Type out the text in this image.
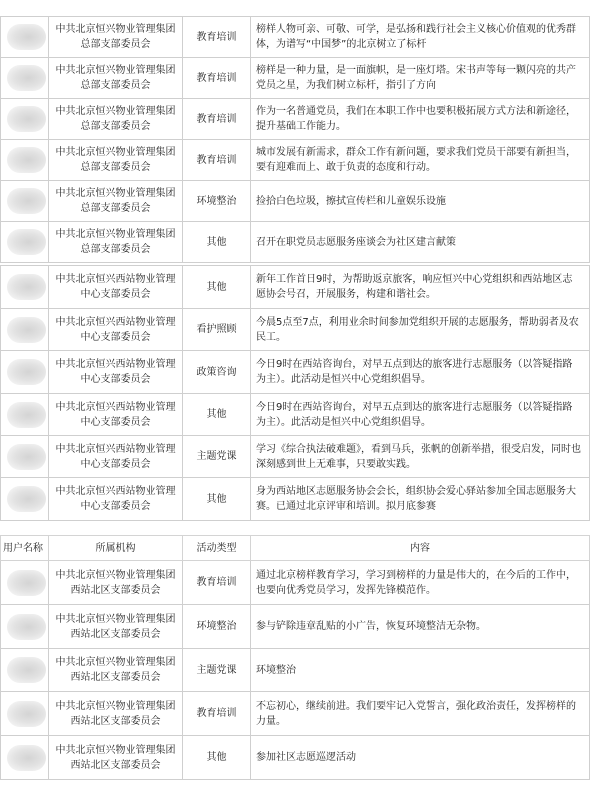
	中共北京恒兴物业管理集团
总部支部委员会	教育培训	榜样人物可亲、可敬、可学，是弘扬和践行社会主义核心价值观的优秀群体，为谱写“中国梦”的北京树立了标杆

	中共北京恒兴物业管理集团
总部支部委员会	教育培训	榜样是一种力量，是一面旗帜，是一座灯塔。宋书声等每一颗闪亮的共产党员之星，为我们树立标杆，指引了方向

	中共北京恒兴物业管理集团
总部支部委员会	教育培训	作为一名普通党员，我们在本职工作中也要积极拓展方式方法和新途径，提升基础工作能力。

	中共北京恒兴物业管理集团
总部支部委员会	教育培训	城市发展有新需求，群众工作有新问题，要求我们党员干部要有新担当，要有迎难而上、敢于负责的态度和行动。

	中共北京恒兴物业管理集团
总部支部委员会	环境整治	捡拾白色垃圾，擦拭宣传栏和儿童娱乐设施

	中共北京恒兴物业管理集团
总部支部委员会	其他	召开在职党员志愿服务座谈会为社区建言献策
	中共北京恒兴西站物业管理
中心支部委员会	其他	新年工作首日9时，为帮助返京旅客，响应恒兴中心党组织和西站地区志愿协会号召，开展服务，构建和谐社会。

	中共北京恒兴西站物业管理
中心支部委员会	看护照顾	今晨5点至7点，利用业余时间参加党组织开展的志愿服务，帮助弱者及农民工。

	中共北京恒兴西站物业管理
中心支部委员会	政策咨询	今日9时在西站咨询台，对早五点到达的旅客进行志愿服务（以答疑指路为主）。此活动是恒兴中心党组织倡导。

	中共北京恒兴西站物业管理
中心支部委员会	其他	今日9时在西站咨询台，对早五点到达的旅客进行志愿服务（以答疑指路为主）。此活动是恒兴中心党组织倡导。

	中共北京恒兴西站物业管理
中心支部委员会	主题党课	学习《综合执法破难题》，看到马兵，张帆的创新举措，很受启发，同时也深刻感到世上无难事，只要敢实践。

	中共北京恒兴西站物业管理
中心支部委员会	其他	身为西站地区志愿服务协会会长，组织协会爱心驿站参加全国志愿服务大赛。已通过北京评审和培训。拟月底参赛
用户名称	所属机构	活动类型	内容

	中共北京恒兴物业管理集团
西站北区支部委员会	教育培训	通过北京榜样教育学习，学习到榜样的力量是伟大的，在今后的工作中，也要向优秀党员学习，发挥先锋模范作。

	中共北京恒兴物业管理集团
西站北区支部委员会	环境整治	参与铲除违章乱贴的小广告，恢复环境整洁无杂物。

	中共北京恒兴物业管理集团
西站北区支部委员会	主题党课	环境整治

	中共北京恒兴物业管理集团
西站北区支部委员会	教育培训	不忘初心，继续前进。我们要牢记入党誓言，强化政治责任，发挥榜样的力量。

	中共北京恒兴物业管理集团
西站北区支部委员会	其他	参加社区志愿巡逻活动
